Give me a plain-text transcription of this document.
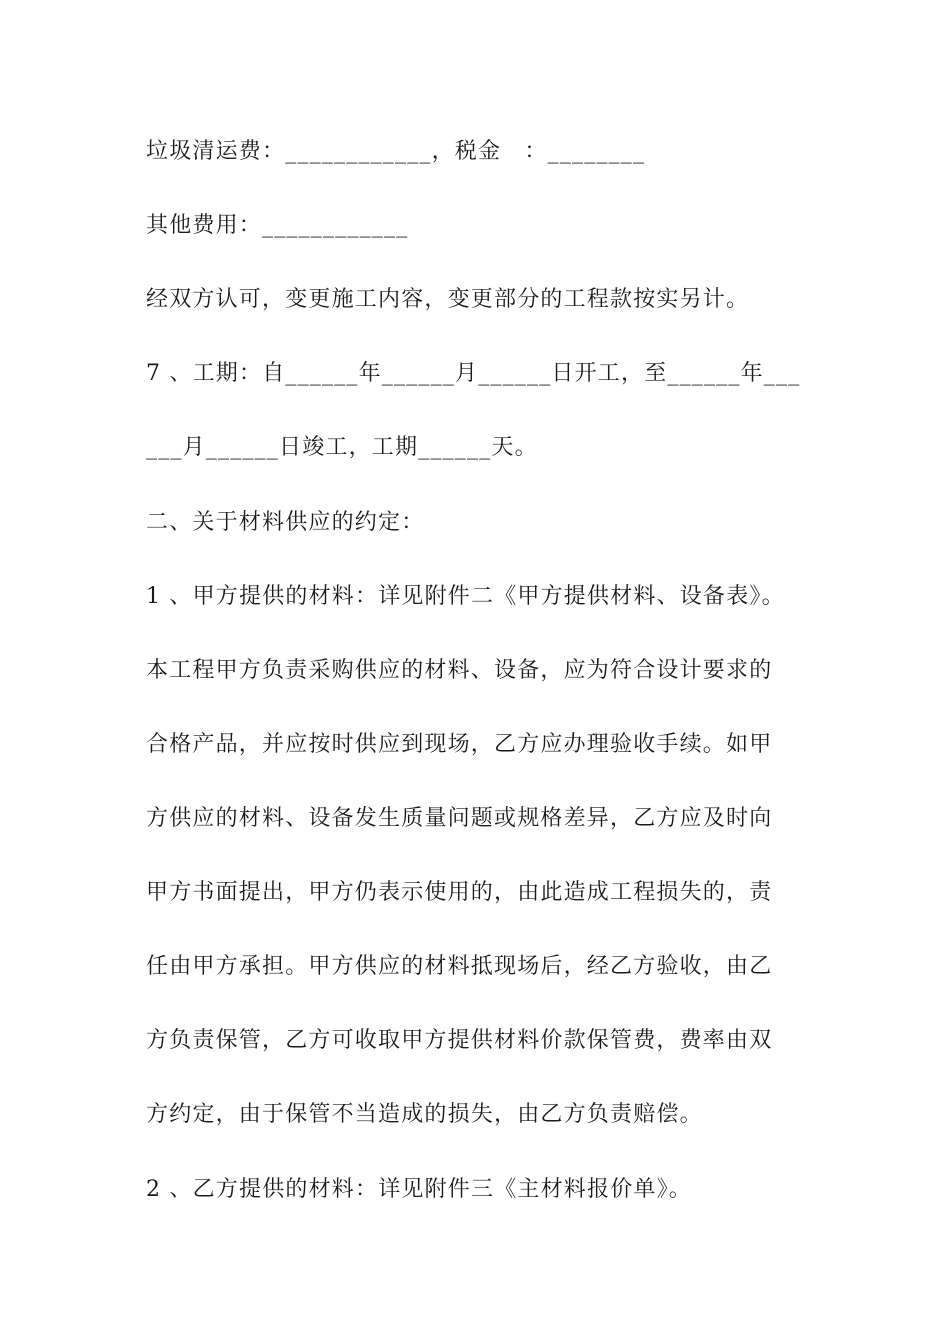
垃圾清运费：____________，税金　：________
其他费用：____________
经双方认可，变更施工内容，变更部分的工程款按实另计。
7 、工期：自______年______月______日开工，至______年___
___月______日竣工，工期______天。
二、关于材料供应的约定：
1 、甲方提供的材料：详见附件二《甲方提供材料、设备表》。
本工程甲方负责采购供应的材料、设备，应为符合设计要求的
合格产品，并应按时供应到现场，乙方应办理验收手续。如甲
方供应的材料、设备发生质量问题或规格差异，乙方应及时向
甲方书面提出，甲方仍表示使用的，由此造成工程损失的，责
任由甲方承担。甲方供应的材料抵现场后，经乙方验收，由乙
方负责保管，乙方可收取甲方提供材料价款保管费，费率由双
方约定，由于保管不当造成的损失，由乙方负责赔偿。
2 、乙方提供的材料：详见附件三《主材料报价单》。
